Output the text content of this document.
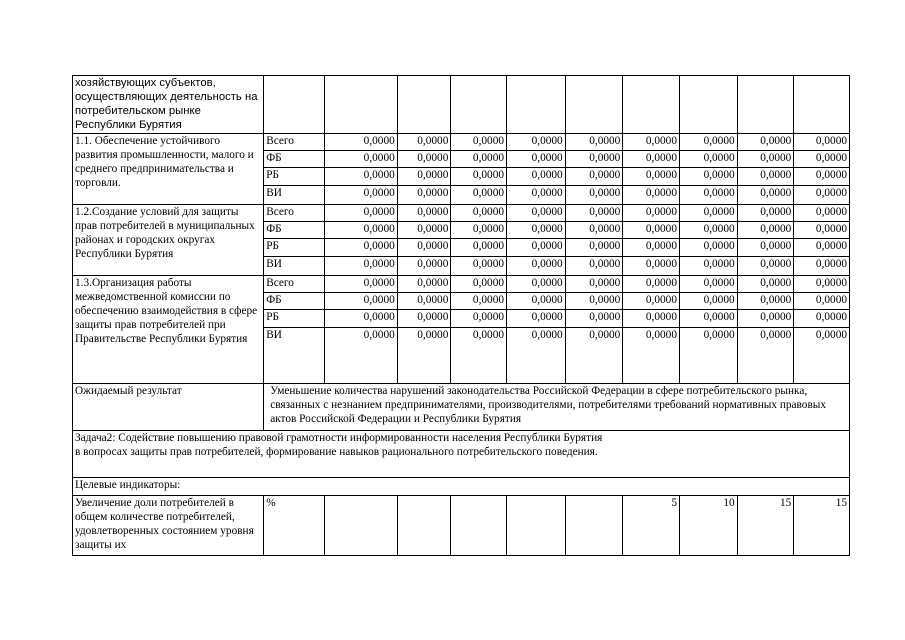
хозяйствующих субъектов, осуществляющих деятельность на потребительском рынке Республики Бурятия										
1.1. Обеспечение устойчивого развития промышленности, малого и среднего предпринимательства и торговли.	Всего	0,0000	0,0000	0,0000	0,0000	0,0000	0,0000	0,0000	0,0000	0,0000
	ФБ	0,0000	0,0000	0,0000	0,0000	0,0000	0,0000	0,0000	0,0000	0,0000
	РБ	0,0000	0,0000	0,0000	0,0000	0,0000	0,0000	0,0000	0,0000	0,0000
	ВИ	0,0000	0,0000	0,0000	0,0000	0,0000	0,0000	0,0000	0,0000	0,0000
1.2.Создание условий для защиты прав потребителей в муниципальных районах и городских округах Республики Бурятия	Всего	0,0000	0,0000	0,0000	0,0000	0,0000	0,0000	0,0000	0,0000	0,0000
	ФБ	0,0000	0,0000	0,0000	0,0000	0,0000	0,0000	0,0000	0,0000	0,0000
	РБ	0,0000	0,0000	0,0000	0,0000	0,0000	0,0000	0,0000	0,0000	0,0000
	ВИ	0,0000	0,0000	0,0000	0,0000	0,0000	0,0000	0,0000	0,0000	0,0000
1.3.Организация работы межведомственной комиссии по обеспечению взаимодействия в сфере защиты прав потребителей при Правительстве Республики Бурятия	Всего	0,0000	0,0000	0,0000	0,0000	0,0000	0,0000	0,0000	0,0000	0,0000
	ФБ	0,0000	0,0000	0,0000	0,0000	0,0000	0,0000	0,0000	0,0000	0,0000
	РБ	0,0000	0,0000	0,0000	0,0000	0,0000	0,0000	0,0000	0,0000	0,0000
	ВИ	0,0000	0,0000	0,0000	0,0000	0,0000	0,0000	0,0000	0,0000	0,0000
Ожидаемый результат	Уменьшение количества нарушений законодательства Российской Федерации в сфере потребительского рынка, связанных с незнанием предпринимателями, производителями, потребителями требований нормативных правовых актов Российской Федерации и Республики Бурятия									

Задача2: Содействие повышению правовой грамотности информированности населения Республики Бурятия
в вопросах защиты прав потребителей, формирование навыков рационального потребительского поведения.										

Целевые индикаторы:										
Увеличение доли потребителей в общем количестве потребителей, удовлетворенных состоянием уровня защиты их	%						5	10	15	15
